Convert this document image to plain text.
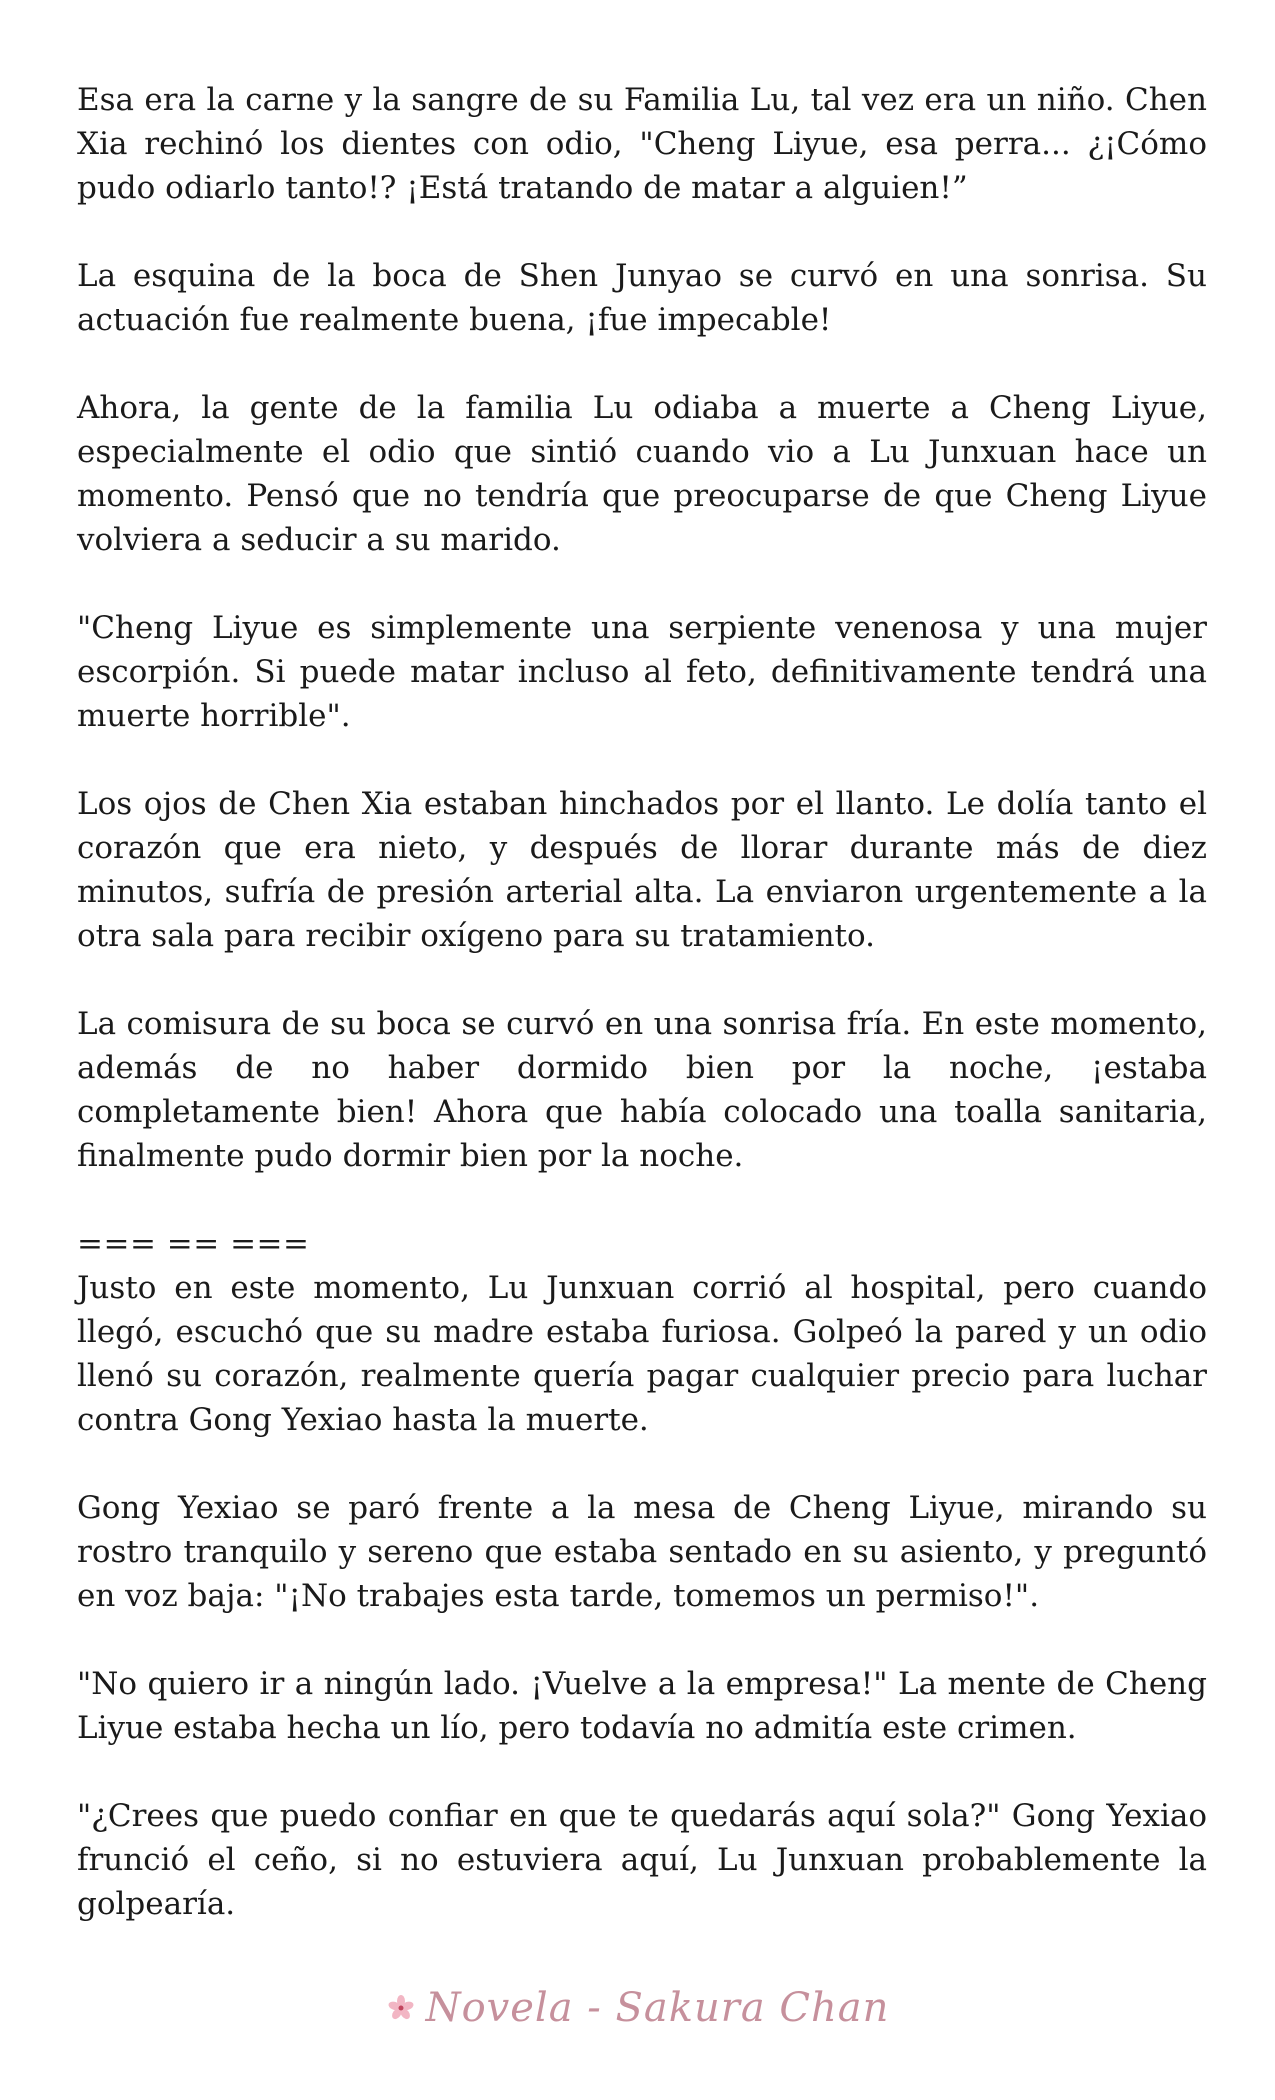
Esa era la carne y la sangre de su Familia Lu, tal vez era un niño. Chen Xia rechinó los dientes con odio, "Cheng Liyue, esa perra... ¿¡Cómo pudo odiarlo tanto!? ¡Está tratando de matar a alguien!”

La esquina de la boca de Shen Junyao se curvó en una sonrisa. Su actuación fue realmente buena, ¡fue impecable!

Ahora, la gente de la familia Lu odiaba a muerte a Cheng Liyue, especialmente el odio que sintió cuando vio a Lu Junxuan hace un momento. Pensó que no tendría que preocuparse de que Cheng Liyue volviera a seducir a su marido.

"Cheng Liyue es simplemente una serpiente venenosa y una mujer escorpión. Si puede matar incluso al feto, definitivamente tendrá una muerte horrible".

Los ojos de Chen Xia estaban hinchados por el llanto. Le dolía tanto el corazón que era nieto, y después de llorar durante más de diez minutos, sufría de presión arterial alta. La enviaron urgentemente a la otra sala para recibir oxígeno para su tratamiento.

La comisura de su boca se curvó en una sonrisa fría. En este momento, además de no haber dormido bien por la noche, ¡estaba completamente bien! Ahora que había colocado una toalla sanitaria, finalmente pudo dormir bien por la noche.

=== == ===

Justo en este momento, Lu Junxuan corrió al hospital, pero cuando llegó, escuchó que su madre estaba furiosa. Golpeó la pared y un odio llenó su corazón, realmente quería pagar cualquier precio para luchar contra Gong Yexiao hasta la muerte.

Gong Yexiao se paró frente a la mesa de Cheng Liyue, mirando su rostro tranquilo y sereno que estaba sentado en su asiento, y preguntó en voz baja: "¡No trabajes esta tarde, tomemos un permiso!".

"No quiero ir a ningún lado. ¡Vuelve a la empresa!" La mente de Cheng Liyue estaba hecha un lío, pero todavía no admitía este crimen.

"¿Crees que puedo confiar en que te quedarás aquí sola?" Gong Yexiao frunció el ceño, si no estuviera aquí, Lu Junxuan probablemente la golpearía.

Novela - Sakura Chan
